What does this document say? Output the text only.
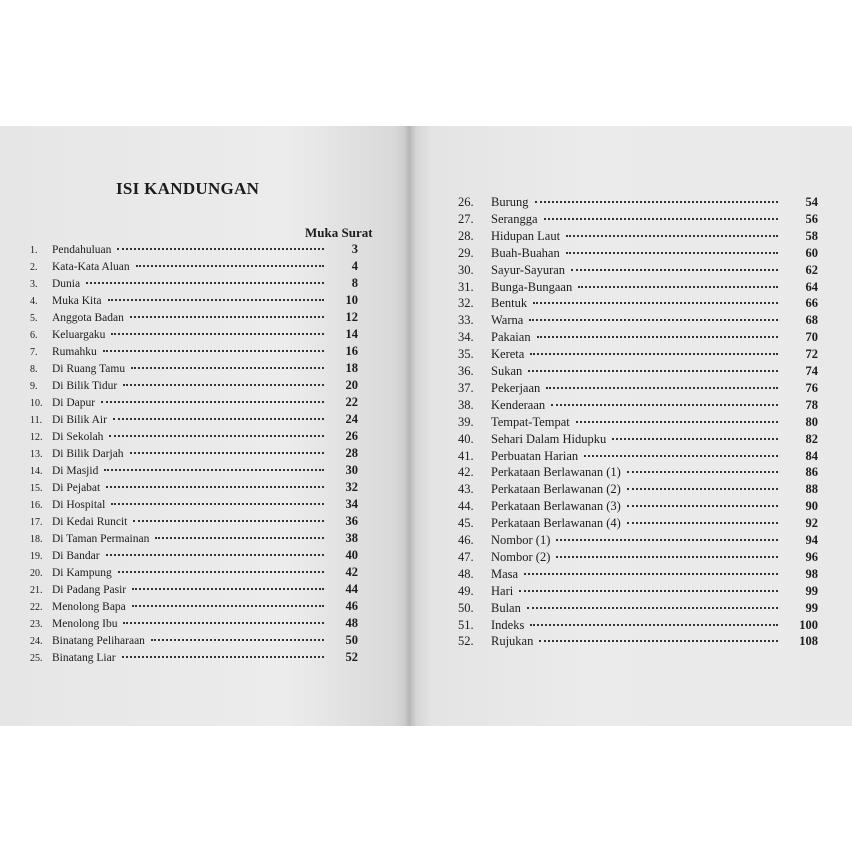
ISI KANDUNGAN
Muka Surat
1.	Pendahuluan	3
2.	Kata-Kata Aluan	4
3.	Dunia	8
4.	Muka Kita	10
5.	Anggota Badan	12
6.	Keluargaku	14
7.	Rumahku	16
8.	Di Ruang Tamu	18
9.	Di Bilik Tidur	20
10. Di Dapur	22
11. Di Bilik Air	24
12. Di Sekolah	26
13. Di Bilik Darjah	28
14. Di Masjid	30
15. Di Pejabat	32
16. Di Hospital	34
17. Di Kedai Runcit	36
18. Di Taman Permainan	38
19. Di Bandar	40
20. Di Kampung	42
21. Di Padang Pasir	44
22. Menolong Bapa	46
23. Menolong Ibu	48
24. Binatang Peliharaan	50
25. Binatang Liar	52
26.	Burung	54
27.	Serangga	56
28.	Hidupan Laut	58
29.	Buah-Buahan	60
30.	Sayur-Sayuran	62
31.	Bunga-Bungaan	64
32.	Bentuk	66
33.	Warna	68
34.	Pakaian	70
35.	Kereta	72
36.	Sukan	74
37.	Pekerjaan	76
38.	Kenderaan	78
39.	Tempat-Tempat	80
40.	Sehari Dalam Hidupku	82
41.	Perbuatan Harian	84
42.	Perkataan Berlawanan (1)	86
43.	Perkataan Berlawanan (2)	88
44.	Perkataan Berlawanan (3)	90
45.	Perkataan Berlawanan (4)	92
46.	Nombor (1)	94
47.	Nombor (2)	96
48.	Masa	98
49.	Hari	99
50.	Bulan	99
51.	Indeks	100
52.	Rujukan	108
